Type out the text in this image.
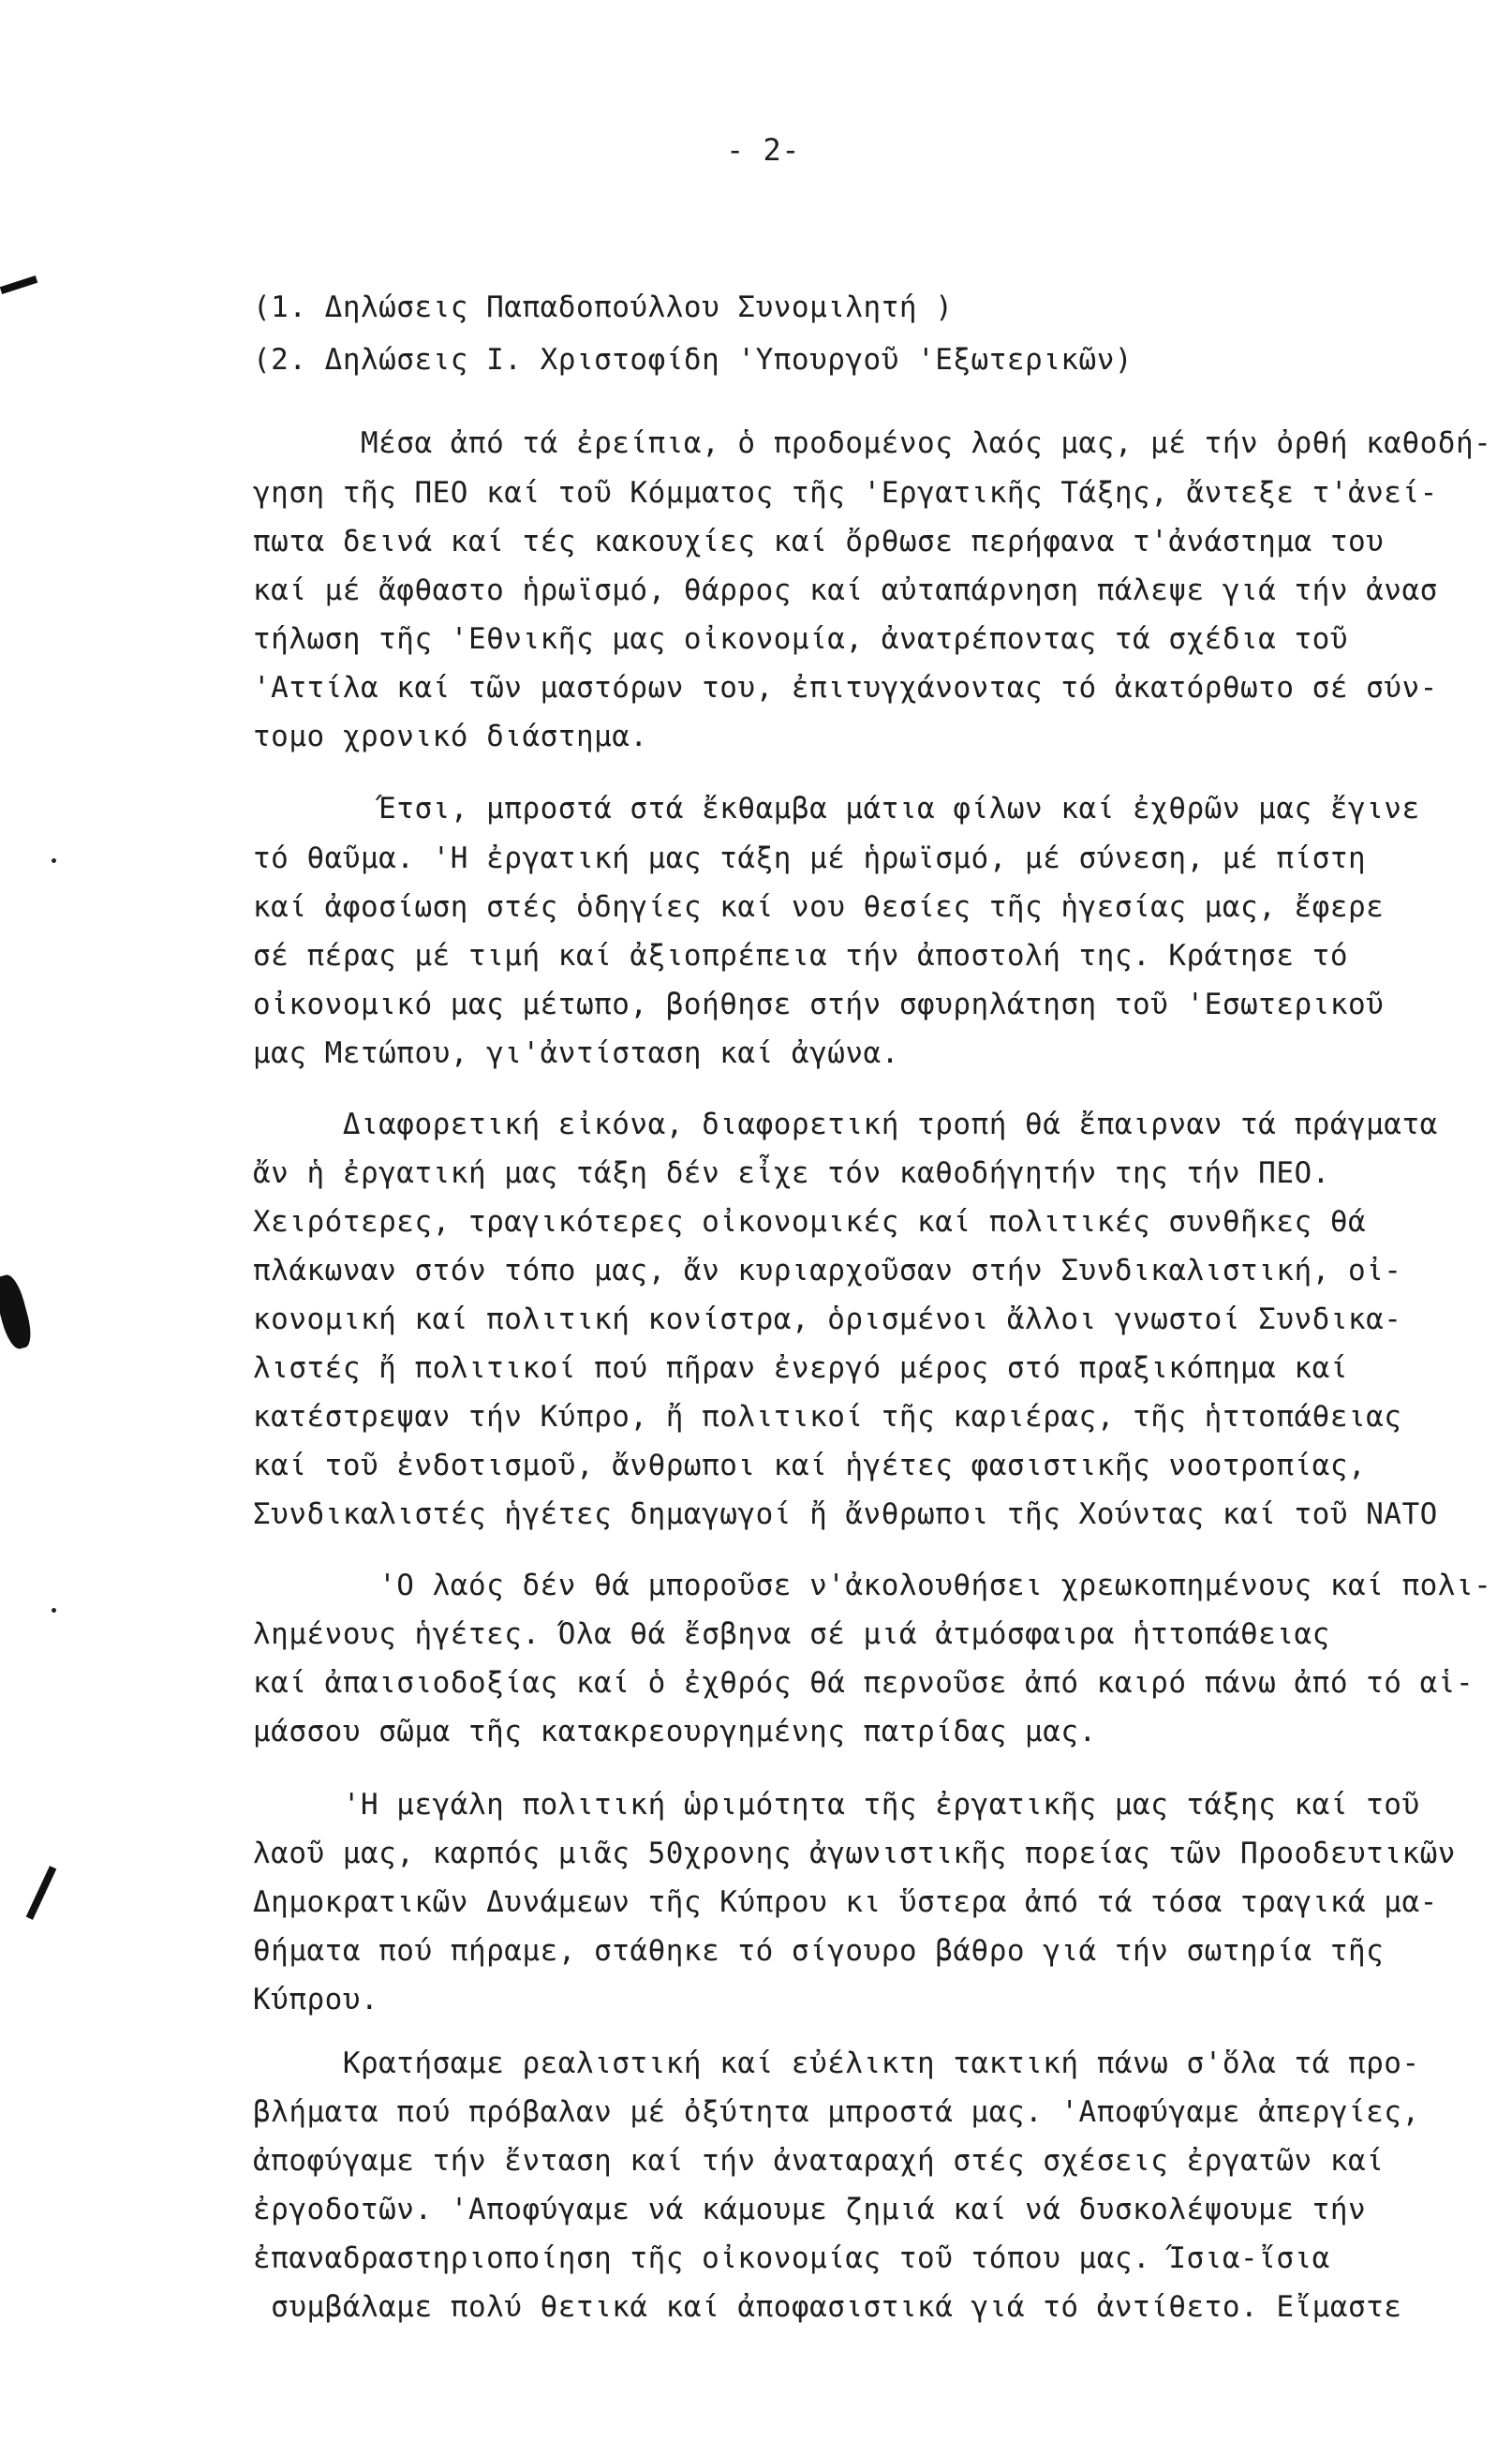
- 2-
(1. Δηλώσεις Παπαδοπούλλου Συνομιλητή )
(2. Δηλώσεις Ι. Χριστοφίδη 'Υπουργοῦ 'Εξωτερικῶν)
Μέσα ἀπό τά ἐρείπια, ὁ προδομένος λαός μας, μέ τήν ὀρθή καθοδή-
γηση τῆς ΠΕΟ καί τοῦ Κόμματος τῆς 'Εργατικῆς Τάξης, ἄντεξε τ'ἀνεί-
πωτα δεινά καί τές κακουχίες καί ὄρθωσε περήφανα τ'ἀνάστημα του
καί μέ ἄφθαστο ἡρωϊσμό, θάρρος καί αὐταπάρνηση πάλεψε γιά τήν ἀνασ
τήλωση τῆς 'Εθνικῆς μας οἰκονομία, ἀνατρέποντας τά σχέδια τοῦ
'Αττίλα καί τῶν μαστόρων του, ἐπιτυγχάνοντας τό ἀκατόρθωτο σέ σύν-
τομο χρονικό διάστημα.
Έτσι, μπροστά στά ἔκθαμβα μάτια φίλων καί ἐχθρῶν μας ἔγινε
τό θαῦμα. 'Η ἐργατική μας τάξη μέ ἡρωϊσμό, μέ σύνεση, μέ πίστη
καί ἀφοσίωση στές ὁδηγίες καί νου θεσίες τῆς ἡγεσίας μας, ἔφερε
σέ πέρας μέ τιμή καί ἀξιοπρέπεια τήν ἀποστολή της. Κράτησε τό
οἰκονομικό μας μέτωπο, βοήθησε στήν σφυρηλάτηση τοῦ 'Εσωτερικοῦ
μας Μετώπου, γι'ἀντίσταση καί ἀγώνα.
Διαφορετική εἰκόνα, διαφορετική τροπή θά ἔπαιρναν τά πράγματα
ἄν ἡ ἐργατική μας τάξη δέν εἶχε τόν καθοδήγητήν της τήν ΠΕΟ.
Χειρότερες, τραγικότερες οἰκονομικές καί πολιτικές συνθῆκες θά
πλάκωναν στόν τόπο μας, ἄν κυριαρχοῦσαν στήν Συνδικαλιστική, οἰ-
κονομική καί πολιτική κονίστρα, ὁρισμένοι ἄλλοι γνωστοί Συνδικα-
λιστές ἤ πολιτικοί πού πῆραν ἐνεργό μέρος στό πραξικόπημα καί
κατέστρεψαν τήν Κύπρο, ἤ πολιτικοί τῆς καριέρας, τῆς ἡττοπάθειας
καί τοῦ ἐνδοτισμοῦ, ἄνθρωποι καί ἡγέτες φασιστικῆς νοοτροπίας,
Συνδικαλιστές ἡγέτες δημαγωγοί ἤ ἄνθρωποι τῆς Χούντας καί τοῦ ΝΑΤΟ
'Ο λαός δέν θά μποροῦσε ν'ἀκολουθήσει χρεωκοπημένους καί πολι-
λημένους ἡγέτες. Όλα θά ἔσβηνα σέ μιά ἀτμόσφαιρα ἡττοπάθειας
καί ἀπαισιοδοξίας καί ὁ ἐχθρός θά περνοῦσε ἀπό καιρό πάνω ἀπό τό αἱ-
μάσσου σῶμα τῆς κατακρεουργημένης πατρίδας μας.
'Η μεγάλη πολιτική ὡριμότητα τῆς ἐργατικῆς μας τάξης καί τοῦ
λαοῦ μας, καρπός μιᾶς 50χρονης ἀγωνιστικῆς πορείας τῶν Προοδευτικῶν
Δημοκρατικῶν Δυνάμεων τῆς Κύπρου κι ὕστερα ἀπό τά τόσα τραγικά μα-
θήματα πού πήραμε, στάθηκε τό σίγουρο βάθρο γιά τήν σωτηρία τῆς
Κύπρου.
Κρατήσαμε ρεαλιστική καί εὐέλικτη τακτική πάνω σ'ὅλα τά προ-
βλήματα πού πρόβαλαν μέ ὀξύτητα μπροστά μας. 'Αποφύγαμε ἀπεργίες,
ἀποφύγαμε τήν ἔνταση καί τήν ἀναταραχή στές σχέσεις ἐργατῶν καί
ἐργοδοτῶν. 'Αποφύγαμε νά κάμουμε ζημιά καί νά δυσκολέψουμε τήν
ἐπαναδραστηριοποίηση τῆς οἰκονομίας τοῦ τόπου μας. Ίσια-ἴσια
συμβάλαμε πολύ θετικά καί ἀποφασιστικά γιά τό ἀντίθετο. Εἴμαστε
